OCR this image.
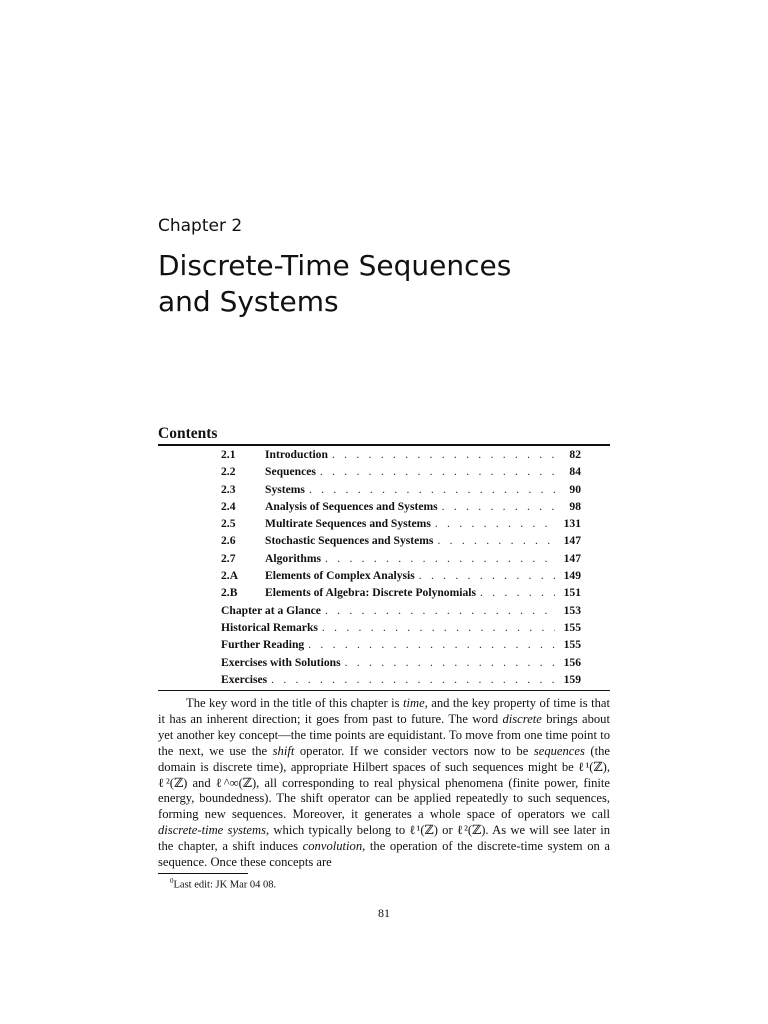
Chapter 2
Discrete-Time Sequences
and Systems
Contents
2.1	Introduction . . .	82
2.2	Sequences . . .	84
2.3	Systems . . .	90
2.4	Analysis of Sequences and Systems . . .	98
2.5	Multirate Sequences and Systems . . .	131
2.6	Stochastic Sequences and Systems . . .	147
2.7	Algorithms . . .	147
2.A	Elements of Complex Analysis . . .	149
2.B	Elements of Algebra: Discrete Polynomials . . .	151
Chapter at a Glance . . .	153
Historical Remarks . . .	155
Further Reading . . .	155
Exercises with Solutions . . .	156
Exercises . . .	159

The key word in the title of this chapter is time, and the key property of time is that it has an inherent direction; it goes from past to future. The word discrete brings about yet another key concept—the time points are equidistant. To move from one time point to the next, we use the shift operator. If we consider vectors now to be sequences (the domain is discrete time), appropriate Hilbert spaces of such sequences might be ℓ¹(ℤ), ℓ²(ℤ) and ℓ^∞(ℤ), all corresponding to real physical phenomena (finite power, finite energy, boundedness). The shift operator can be applied repeatedly to such sequences, forming new sequences. Moreover, it generates a whole space of operators we call discrete-time systems, which typically belong to ℓ¹(ℤ) or ℓ²(ℤ). As we will see later in the chapter, a shift induces convolution, the operation of the discrete-time system on a sequence. Once these concepts are

$^0$Last edit: JK Mar 04 08.

81
